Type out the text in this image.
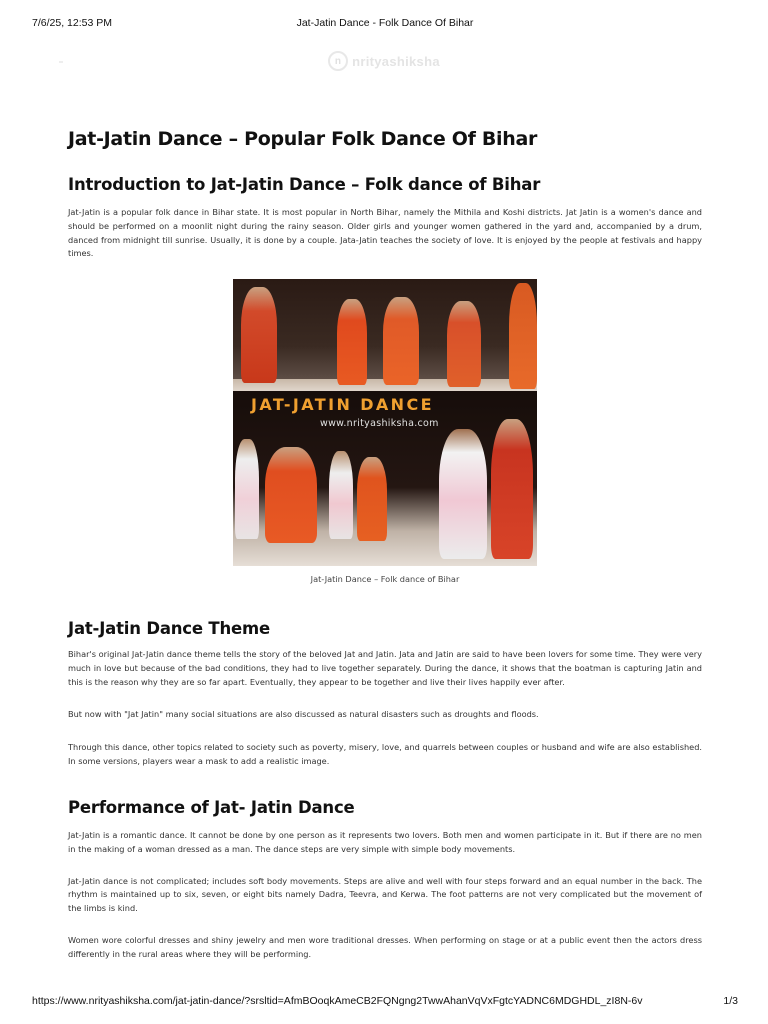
7/6/25, 12:53 PM	Jat-Jatin Dance - Folk Dance Of Bihar
n nrityashiksha
Jat-Jatin Dance – Popular Folk Dance Of Bihar
Introduction to Jat-Jatin Dance – Folk dance of Bihar

Jat-Jatin is a popular folk dance in Bihar state. It is most popular in North Bihar, namely the Mithila and Koshi districts. Jat Jatin is a women's dance and should be performed on a moonlit night during the rainy season. Older girls and younger women gathered in the yard and, accompanied by a drum, danced from midnight till sunrise. Usually, it is done by a couple. Jata-Jatin teaches the society of love. It is enjoyed by the people at festivals and happy times.

JAT-JATIN DANCE
www.nrityashiksha.com
Jat-Jatin Dance – Folk dance of Bihar
Jat-Jatin Dance Theme

Bihar's original Jat-Jatin dance theme tells the story of the beloved Jat and Jatin. Jata and Jatin are said to have been lovers for some time. They were very much in love but because of the bad conditions, they had to live together separately. During the dance, it shows that the boatman is capturing Jatin and this is the reason why they are so far apart. Eventually, they appear to be together and live their lives happily ever after.

But now with "Jat Jatin" many social situations are also discussed as natural disasters such as droughts and floods.

Through this dance, other topics related to society such as poverty, misery, love, and quarrels between couples or husband and wife are also established. In some versions, players wear a mask to add a realistic image.

Performance of Jat- Jatin Dance

Jat-Jatin is a romantic dance. It cannot be done by one person as it represents two lovers. Both men and women participate in it. But if there are no men in the making of a woman dressed as a man. The dance steps are very simple with simple body movements.

Jat-Jatin dance is not complicated; includes soft body movements. Steps are alive and well with four steps forward and an equal number in the back. The rhythm is maintained up to six, seven, or eight bits namely Dadra, Teevra, and Kerwa. The foot patterns are not very complicated but the movement of the limbs is kind.

Women wore colorful dresses and shiny jewelry and men wore traditional dresses. When performing on stage or at a public event then the actors dress differently in the rural areas where they will be performing.

https://www.nrityashiksha.com/jat-jatin-dance/?srsltid=AfmBOoqkAmeCB2FQNgng2TwwAhanVqVxFgtcYADNC6MDGHDL_zI8N-6v	1/3
